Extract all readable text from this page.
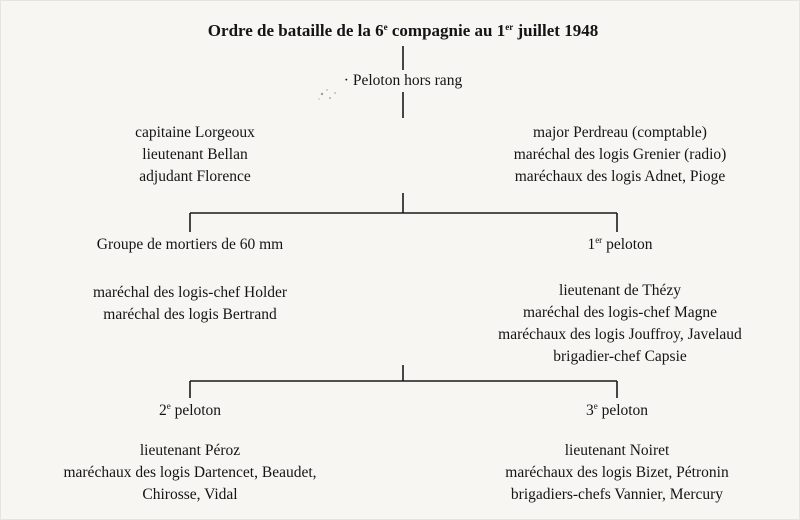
Ordre de bataille de la 6e compagnie au 1er juillet 1948
· Peloton hors rang
capitaine Lorgeoux
lieutenant Bellan
adjudant Florence
major Perdreau (comptable)
maréchal des logis Grenier (radio)
maréchaux des logis Adnet, Pioge
Groupe de mortiers de 60 mm	1er peloton
maréchal des logis-chef Holder
maréchal des logis Bertrand
lieutenant de Thézy
maréchal des logis-chef Magne
maréchaux des logis Jouffroy, Javelaud
brigadier-chef Capsie
2e peloton	3e peloton
lieutenant Péroz
maréchaux des logis Dartencet, Beaudet,
Chirosse, Vidal
lieutenant Noiret
maréchaux des logis Bizet, Pétronin
brigadiers-chefs Vannier, Mercury
